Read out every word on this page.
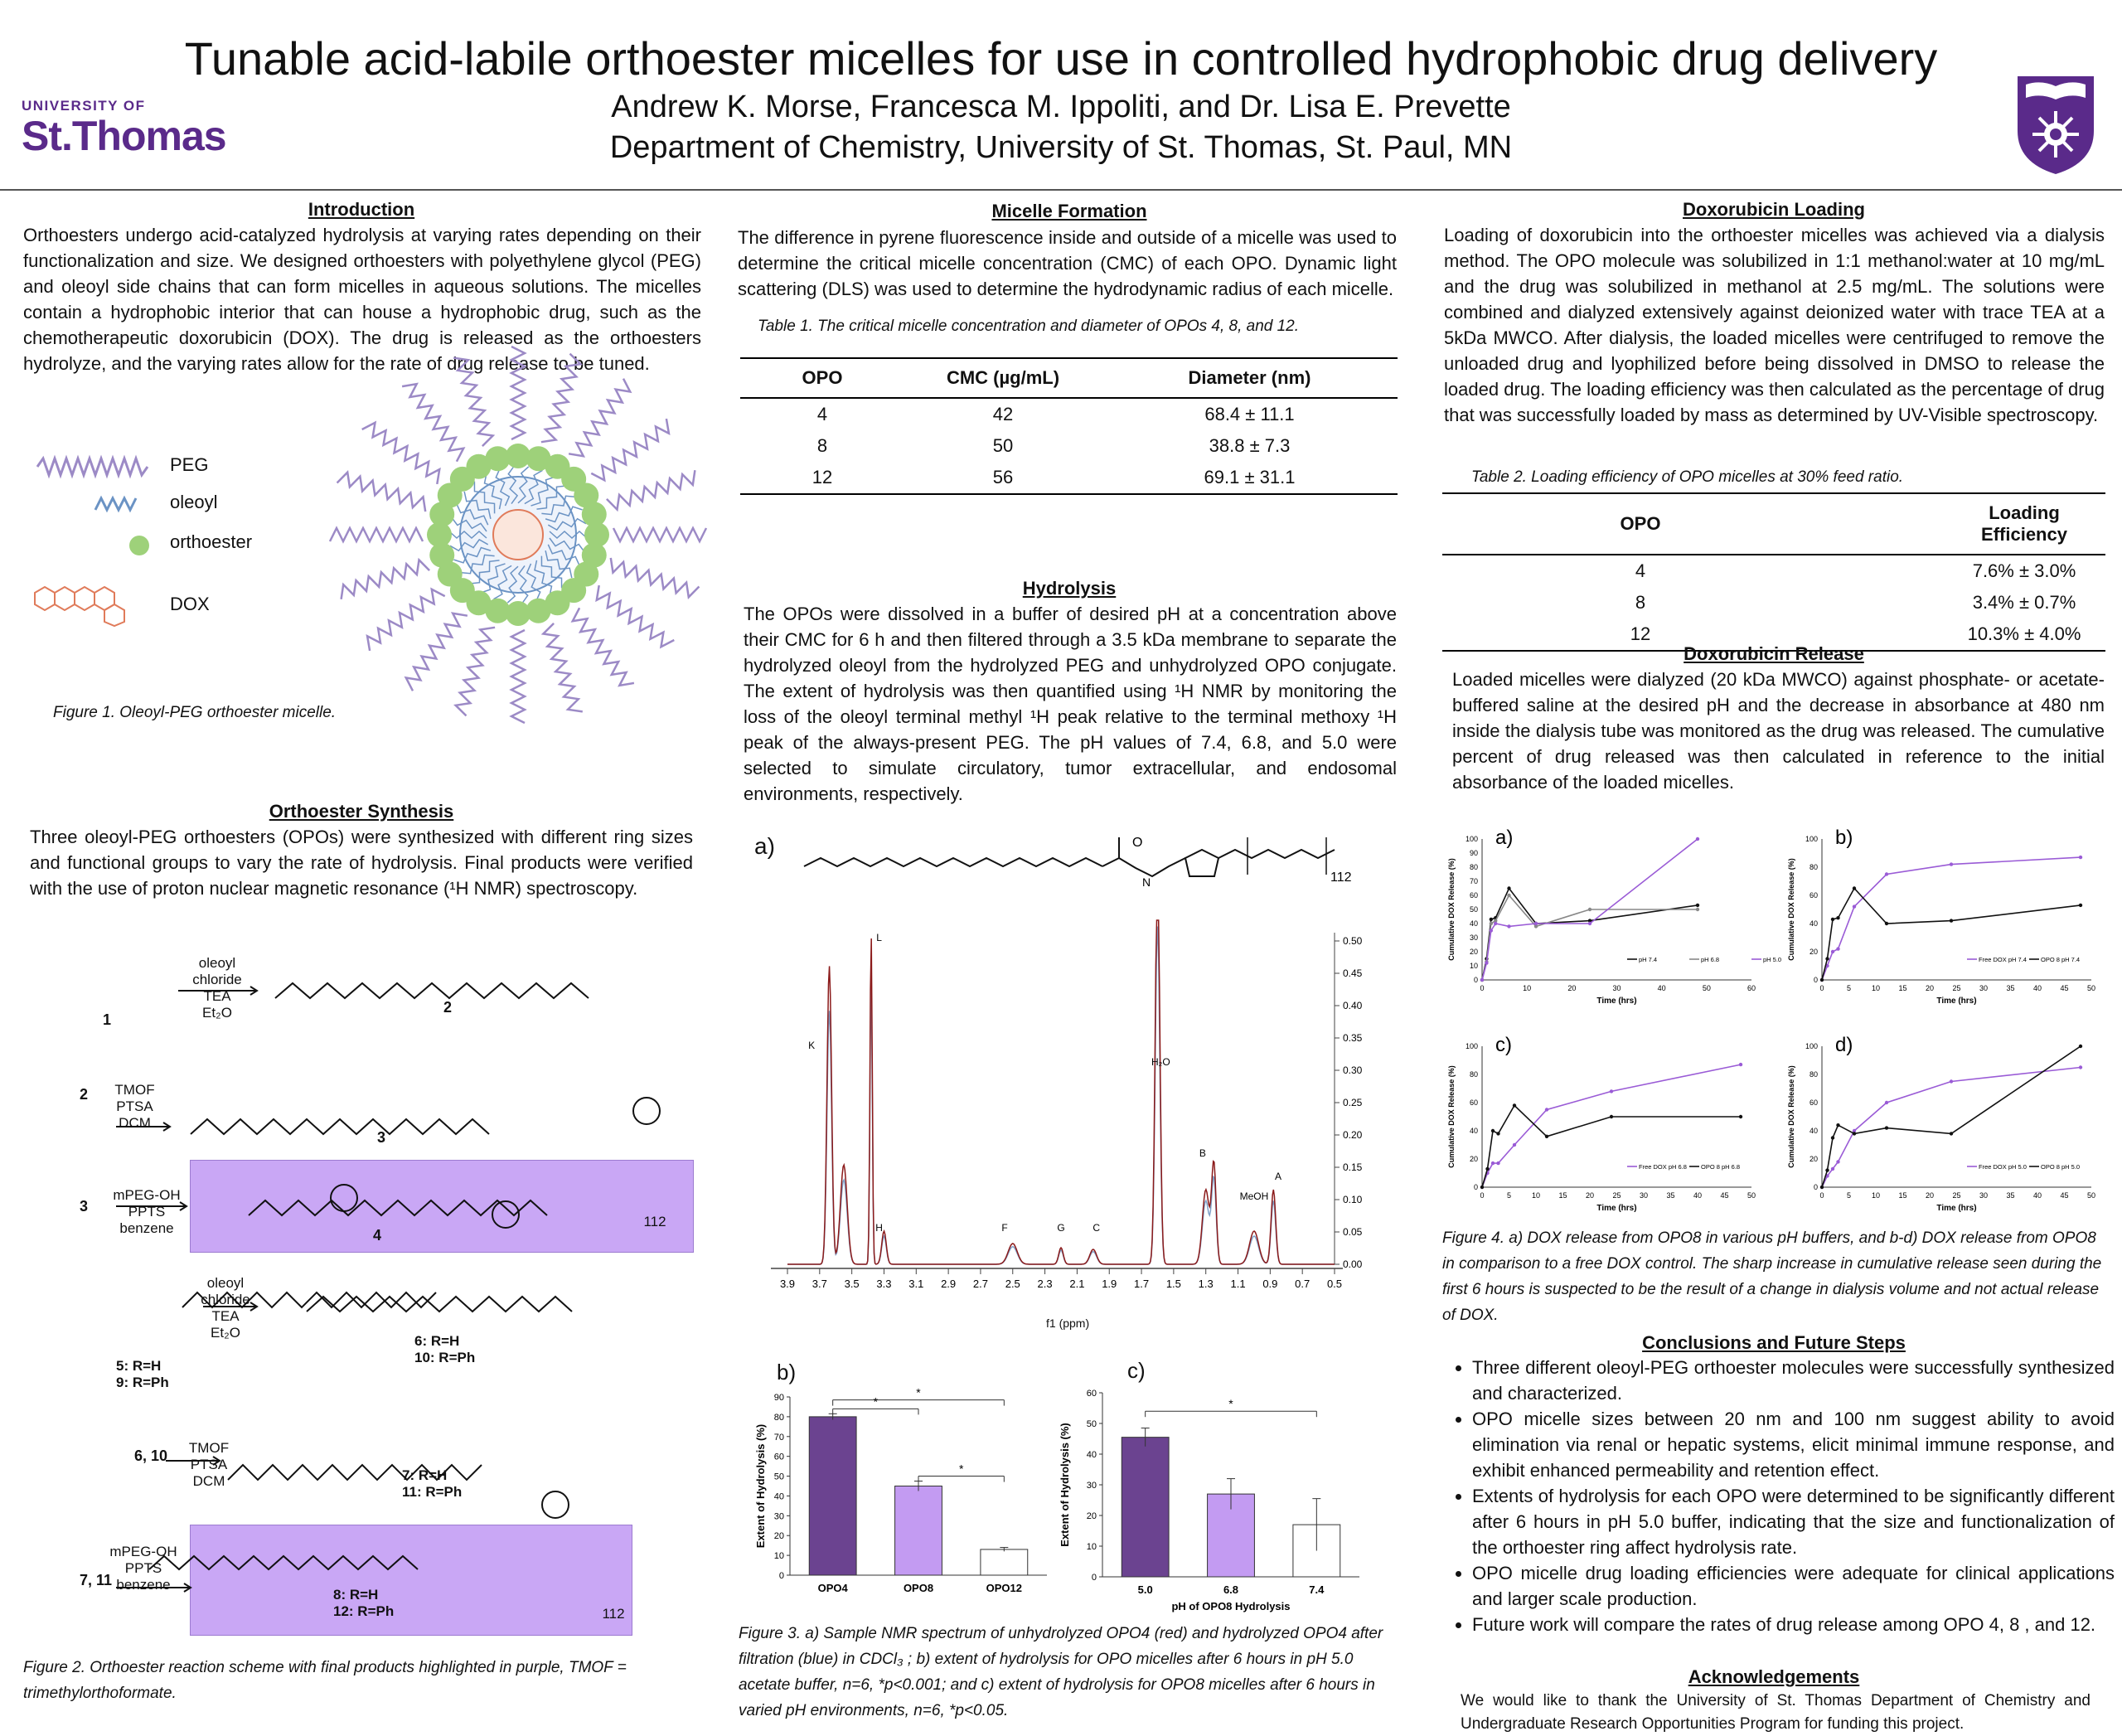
UNIVERSITY OF
St.Thomas
Tunable acid-labile orthoester micelles for use in controlled hydrophobic drug delivery
Andrew K. Morse, Francesca M. Ippoliti, and Dr. Lisa E. Prevette
Department of Chemistry, University of St. Thomas, St. Paul, MN
Introduction
Orthoesters undergo acid-catalyzed hydrolysis at varying rates depending on their functionalization and size. We designed orthoesters with polyethylene glycol (PEG) and oleoyl side chains that can form micelles in aqueous solutions. The micelles contain a hydrophobic interior that can house a hydrophobic drug, such as the chemotherapeutic doxorubicin (DOX). The drug is released as the orthoesters hydrolyze, and the varying rates allow for the rate of drug release to be tuned.
PEG
oleoyl
orthoester
DOX
Figure 1. Oleoyl-PEG orthoester micelle.
Orthoester Synthesis
Three oleoyl-PEG orthoesters (OPOs) were synthesized with different ring sizes and functional groups to vary the rate of hydrolysis. Final products were verified with the use of proton nuclear magnetic resonance (¹H NMR) spectroscopy.
oleoyl
chloride
TEA
Et₂O
1
2
2	TMOF
PTSA
DCM
3
3
mPEG-OH
PPTS
benzene	4
5: R=H
9: R=Ph
oleoyl
chloride
TEA
Et₂O
6: R=H
10: R=Ph
6, 10	TMOF
PTSA
DCM	7: R=H
11: R=Ph
7, 11
mPEG-OH
PPTS
benzene
8: R=H
12: R=Ph
112
112
Figure 2. Orthoester reaction scheme with final products highlighted in purple, TMOF = trimethylorthoformate.
Micelle Formation
The difference in pyrene fluorescence inside and outside of a micelle was used to determine the critical micelle concentration (CMC) of each OPO. Dynamic light scattering (DLS) was used to determine the hydrodynamic radius of each micelle.
Table 1. The critical micelle concentration and diameter of OPOs 4, 8, and 12.
OPO	CMC (µg/mL)	Diameter (nm)
4	42	68.4 ± 11.1
8	50	38.8 ± 7.3
12	56	69.1 ± 31.1
Hydrolysis
The OPOs were dissolved in a buffer of desired pH at a concentration above their CMC for 6 h and then filtered through a 3.5 kDa membrane to separate the hydrolyzed oleoyl from the hydrolyzed PEG and unhydrolyzed OPO conjugate. The extent of hydrolysis was then quantified using ¹H NMR by monitoring the loss of the oleoyl terminal methyl ¹H peak relative to the terminal methoxy ¹H peak of the always-present PEG. The pH values of 7.4, 6.8, and 5.0 were selected to simulate circulatory, tumor extracellular, and endosomal environments, respectively.
a)	O
N	112
3.9 3.7 3.5 3.3 3.1 2.9 2.7 2.5 2.3 2.1 1.9 1.7 1.5 1.3 1.1 0.9 0.7 0.5
0.00
0.05
0.10
0.15
0.20
0.25
0.30
0.35
0.40
0.45
0.50
K
L
H	F	G	C
H₂O
B
MeOH
A
f1 (ppm)
b)	c)
0
10
20
30
40
50
60
70
80
90
OPO4	OPO8	OPO12
*
*
*
Extent of Hydrolysis (%)
0
10
20
30
40
50
60
5.0	6.8	7.4
*
Extent of Hydrolysis (%)
pH of OPO8 Hydrolysis
Figure 3. a) Sample NMR spectrum of unhydrolyzed OPO4 (red) and hydrolyzed OPO4 after filtration (blue) in CDCl₃ ; b) extent of hydrolysis for OPO micelles after 6 hours in pH 5.0 acetate buffer, n=6, *p<0.001; and c) extent of hydrolysis for OPO8 micelles after 6 hours in varied pH environments, n=6, *p<0.05.
Doxorubicin Loading
Loading of doxorubicin into the orthoester micelles was achieved via a dialysis method. The OPO molecule was solubilized in 1:1 methanol:water at 10 mg/mL and the drug was solubilized in methanol at 2.5 mg/mL. The solutions were combined and dialyzed extensively against deionized water with trace TEA at a 5kDa MWCO. After dialysis, the loaded micelles were centrifuged to remove the unloaded drug and lyophilized before being dissolved in DMSO to release the loaded drug. The loading efficiency was then calculated as the percentage of drug that was successfully loaded by mass as determined by UV-Visible spectroscopy.
Table 2. Loading efficiency of OPO micelles at 30% feed ratio.
OPO	Loading Efficiency
4	7.6% ± 3.0%
8	3.4% ± 0.7%
12	10.3% ± 4.0%
Doxorubicin Release
Loaded micelles were dialyzed (20 kDa MWCO) against phosphate- or acetate-buffered saline at the desired pH and the decrease in absorbance at 480 nm inside the dialysis tube was monitored as the drug was released. The cumulative percent of drug released was then calculated in reference to the initial absorbance of the loaded micelles.
0
10
20
30
40
50
60
70
80
90
100
0	10	20	30	40	50	60
Time (hrs)
Cumulative DOX Release (%)
a)
pH 7.4	pH 6.8	pH 5.0
0
20
40
60
80
100
0	5	10 15 20 25 30 35 40 45 50
Time (hrs)
Cumulative DOX Release (%)
b)
Free DOX pH 7.4 OPO 8 pH 7.4
0
20
40
60
80
100
0	5	10 15 20 25 30 35 40 45 50
Time (hrs)
Cumulative DOX Release (%)
c)
Free DOX pH 6.8 OPO 8 pH 6.8
0
20
40
60
80
100
0	5	10 15 20 25 30 35 40 45 50
Time (hrs)
Cumulative DOX Release (%)
d)
Free DOX pH 5.0 OPO 8 pH 5.0
Figure 4. a) DOX release from OPO8 in various pH buffers, and b-d) DOX release from OPO8 in comparison to a free DOX control. The sharp increase in cumulative release seen during the first 6 hours is suspected to be the result of a change in dialysis volume and not actual release of DOX.
Conclusions and Future Steps
• Three different oleoyl-PEG orthoester molecules were successfully synthesized and characterized.
• OPO micelle sizes between 20 nm and 100 nm suggest ability to avoid elimination via renal or hepatic systems, elicit minimal immune response, and exhibit enhanced permeability and retention effect.
• Extents of hydrolysis for each OPO were determined to be significantly different after 6 hours in pH 5.0 buffer, indicating that the size and functionalization of the orthoester ring affect hydrolysis rate.
• OPO micelle drug loading efficiencies were adequate for clinical applications and larger scale production.
• Future work will compare the rates of drug release among OPO 4, 8 , and 12.
Acknowledgements
We would like to thank the University of St. Thomas Department of Chemistry and Undergraduate Research Opportunities Program for funding this project.
